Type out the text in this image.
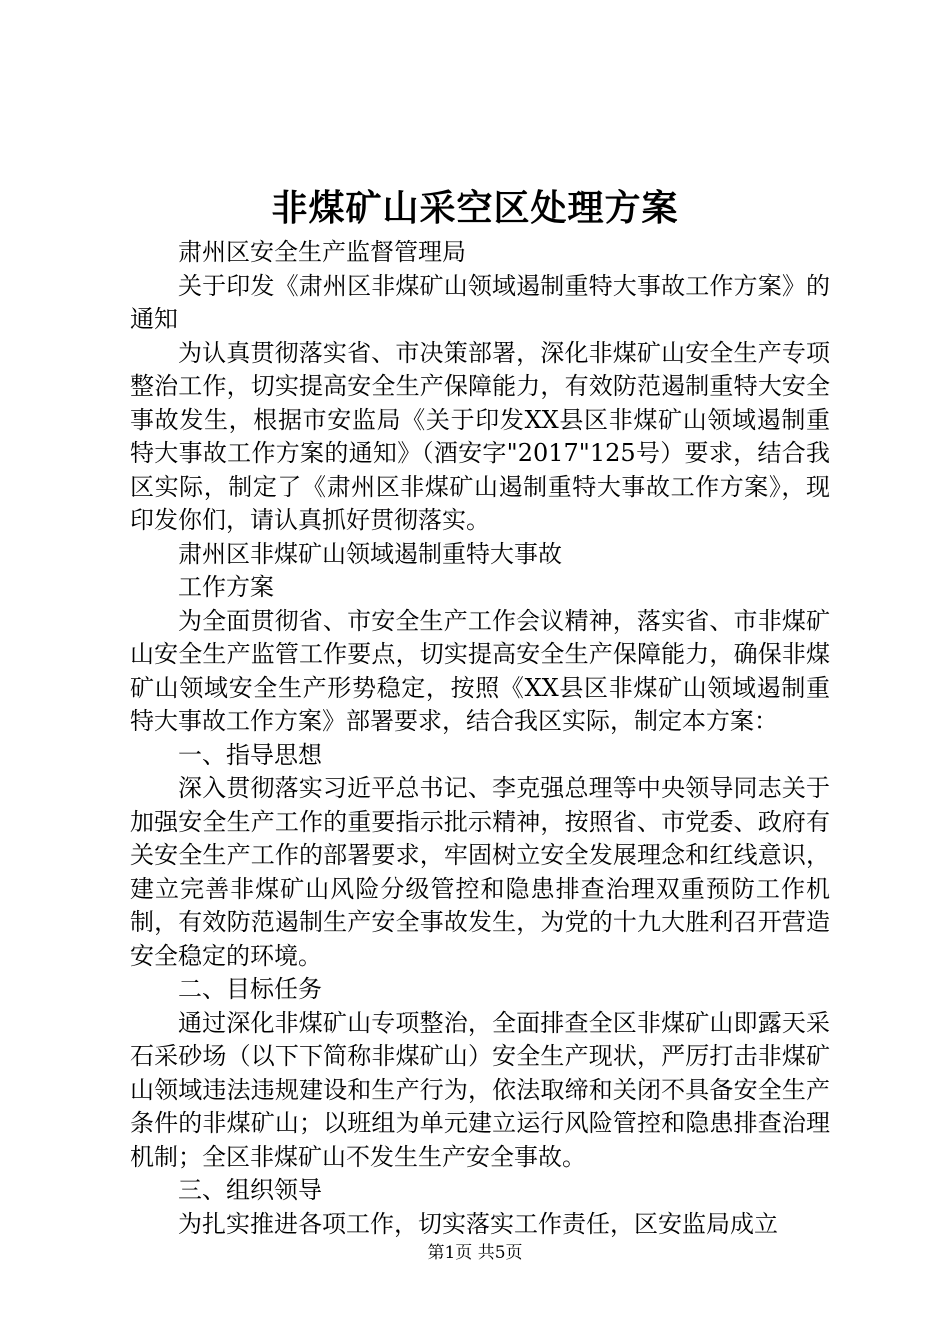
非煤矿山采空区处理方案

肃州区安全生产监督管理局

关于印发《肃州区非煤矿山领域遏制重特大事故工作方案》的通知

为认真贯彻落实省、市决策部署，深化非煤矿山安全生产专项整治工作，切实提高安全生产保障能力，有效防范遏制重特大安全事故发生，根据市安监局《关于印发XX县区非煤矿山领域遏制重特大事故工作方案的通知》（酒安字"2017"125号）要求，结合我区实际，制定了《肃州区非煤矿山遏制重特大事故工作方案》，现印发你们，请认真抓好贯彻落实。

肃州区非煤矿山领域遏制重特大事故

工作方案

为全面贯彻省、市安全生产工作会议精神，落实省、市非煤矿山安全生产监管工作要点，切实提高安全生产保障能力，确保非煤矿山领域安全生产形势稳定，按照《XX县区非煤矿山领域遏制重特大事故工作方案》部署要求，结合我区实际，制定本方案：

一、指导思想

深入贯彻落实习近平总书记、李克强总理等中央领导同志关于加强安全生产工作的重要指示批示精神，按照省、市党委、政府有关安全生产工作的部署要求，牢固树立安全发展理念和红线意识，建立完善非煤矿山风险分级管控和隐患排查治理双重预防工作机制，有效防范遏制生产安全事故发生，为党的十九大胜利召开营造安全稳定的环境。

二、目标任务

通过深化非煤矿山专项整治，全面排查全区非煤矿山即露天采石采砂场（以下下简称非煤矿山）安全生产现状，严厉打击非煤矿山领域违法违规建设和生产行为，依法取缔和关闭不具备安全生产条件的非煤矿山；以班组为单元建立运行风险管控和隐患排查治理机制；全区非煤矿山不发生生产安全事故。

三、组织领导

为扎实推进各项工作，切实落实工作责任，区安监局成立

第1页 共5页
